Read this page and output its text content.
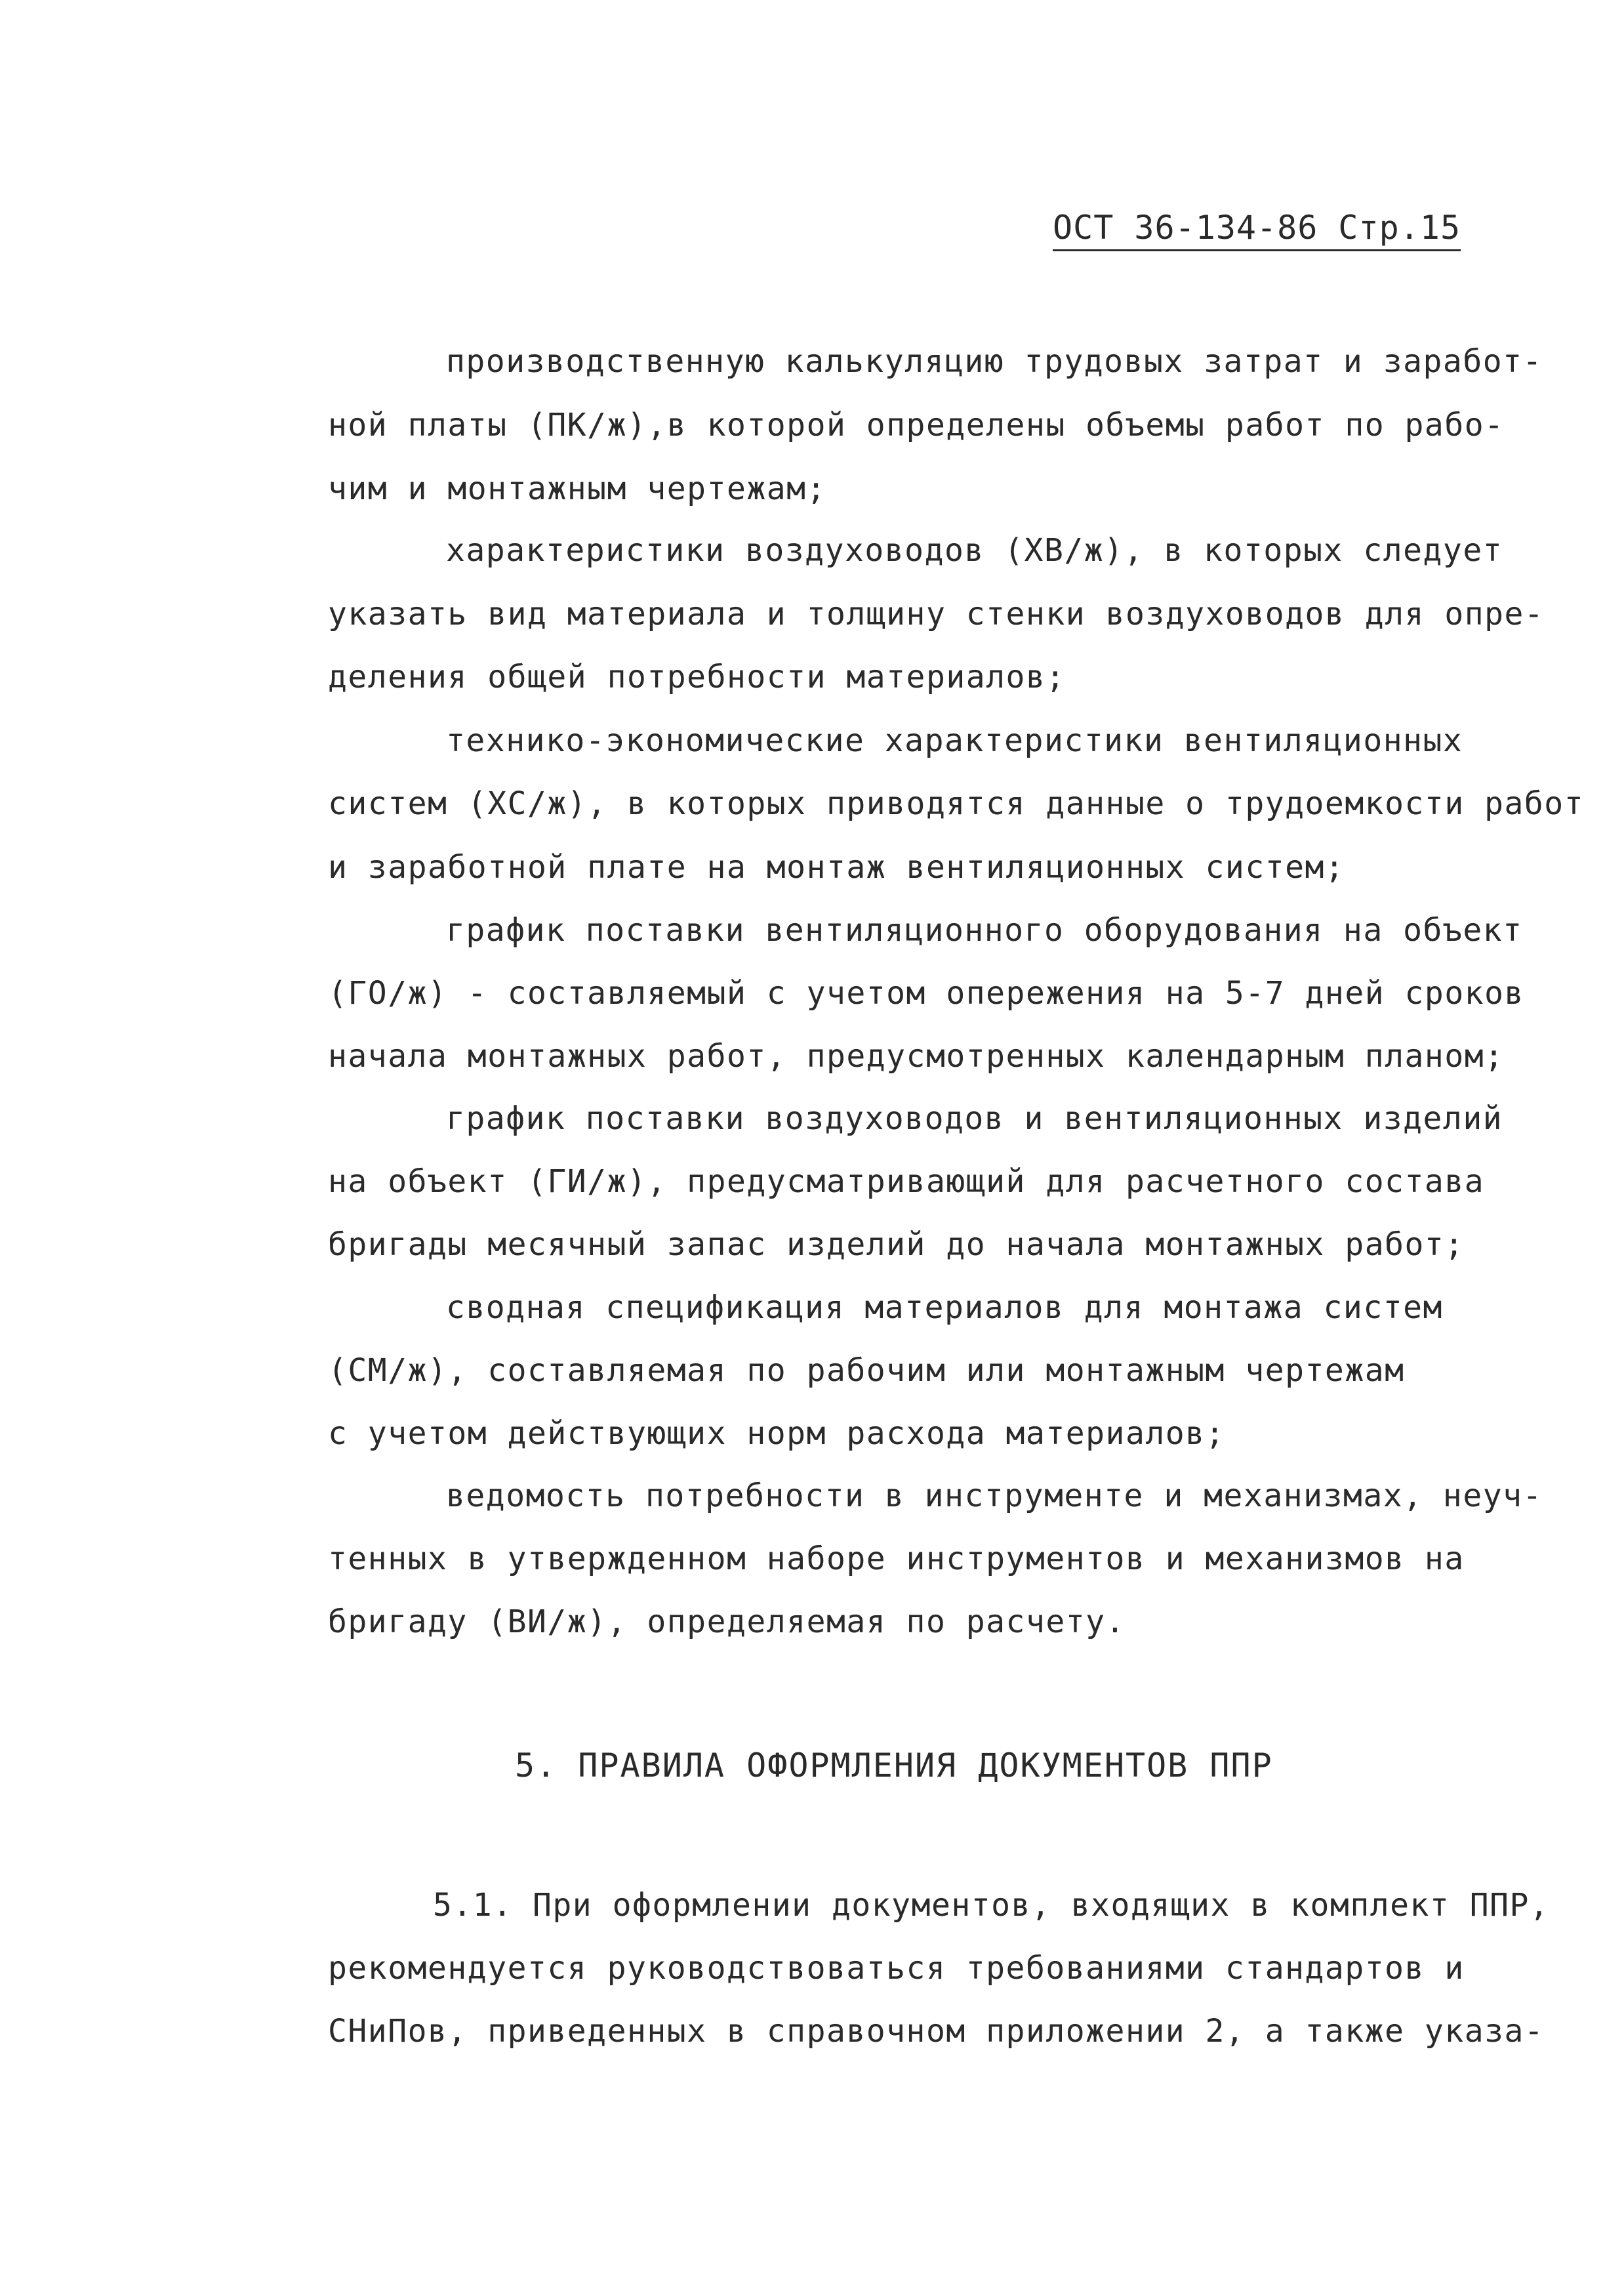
ОСТ 36-134-86 Стр.15
производственную калькуляцию трудовых затрат и заработ-
ной платы (ПК/ж),в которой определены объемы работ по рабо-
чим и монтажным чертежам;
характеристики воздуховодов (ХВ/ж), в которых следует
указать вид материала и толщину стенки воздуховодов для опре-
деления общей потребности материалов;
технико-экономические характеристики вентиляционных
систем (ХС/ж), в которых приводятся данные о трудоемкости работ
и заработной плате на монтаж вентиляционных систем;
график поставки вентиляционного оборудования на объект
(ГО/ж) - составляемый с учетом опережения на 5-7 дней сроков
начала монтажных работ, предусмотренных календарным планом;
график поставки воздуховодов и вентиляционных изделий
на объект (ГИ/ж), предусматривающий для расчетного состава
бригады месячный запас изделий до начала монтажных работ;
сводная спецификация материалов для монтажа систем
(СМ/ж), составляемая по рабочим или монтажным чертежам
с учетом действующих норм расхода материалов;
ведомость потребности в инструменте и механизмах, неуч-
тенных в утвержденном наборе инструментов и механизмов на
бригаду (ВИ/ж), определяемая по расчету.
5. ПРАВИЛА ОФОРМЛЕНИЯ ДОКУМЕНТОВ ППР
5.1. При оформлении документов, входящих в комплект ППР,
рекомендуется руководствоваться требованиями стандартов и
СНиПов, приведенных в справочном приложении 2, а также указа-
